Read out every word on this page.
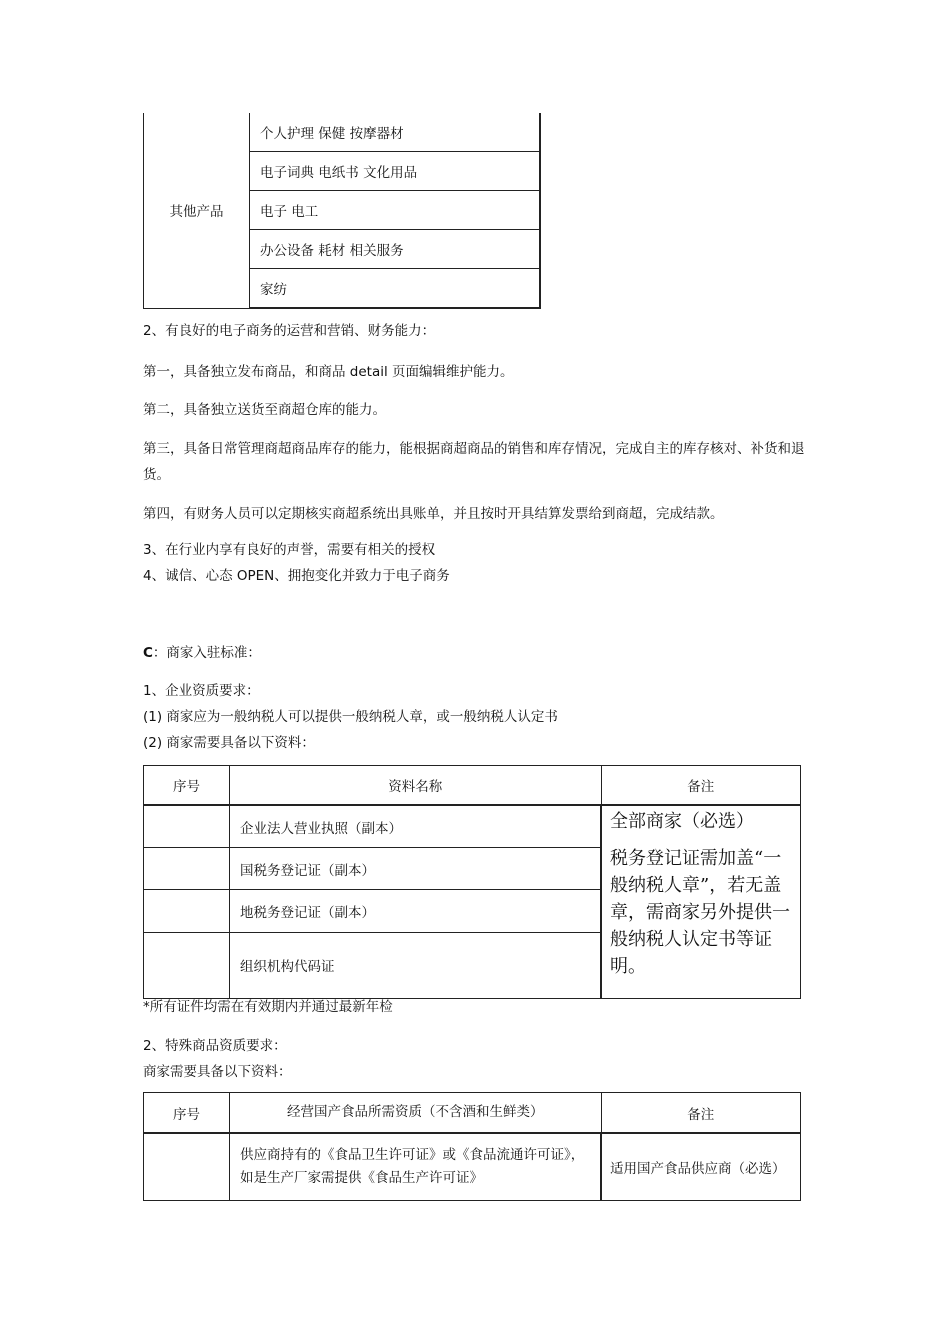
其他产品	个人护理 保健 按摩器材
电子词典 电纸书 文化用品
电子 电工
办公设备 耗材 相关服务
家纺
2、有良好的电子商务的运营和营销、财务能力：
第一，具备独立发布商品，和商品 detail 页面编辑维护能力。
第二，具备独立送货至商超仓库的能力。
第三，具备日常管理商超商品库存的能力，能根据商超商品的销售和库存情况，完成自主的库存核对、补货和退货。
第四，有财务人员可以定期核实商超系统出具账单，并且按时开具结算发票给到商超，完成结款。
3、在行业内享有良好的声誉，需要有相关的授权
4、诚信、心态 OPEN、拥抱变化并致力于电子商务
C：商家入驻标准：
1、企业资质要求：
(1) 商家应为一般纳税人可以提供一般纳税人章，或一般纳税人认定书
(2) 商家需要具备以下资料：
序号	资料名称	备注
	企业法人营业执照（副本）	全部商家（必选）

税务登记证需加盖“一般纳税人章”，若无盖章，需商家另外提供一般纳税人认定书等证明。

	国税务登记证（副本）	
	地税务登记证（副本）	
	组织机构代码证	
*所有证件均需在有效期内并通过最新年检
2、特殊商品资质要求：
商家需要具备以下资料：
序号	经营国产食品所需资质（不含酒和生鲜类）	备注

	供应商持有的《食品卫生许可证》或《食品流通许可证》，
如是生产厂家需提供《食品生产许可证》	适用国产食品供应商（必选）
